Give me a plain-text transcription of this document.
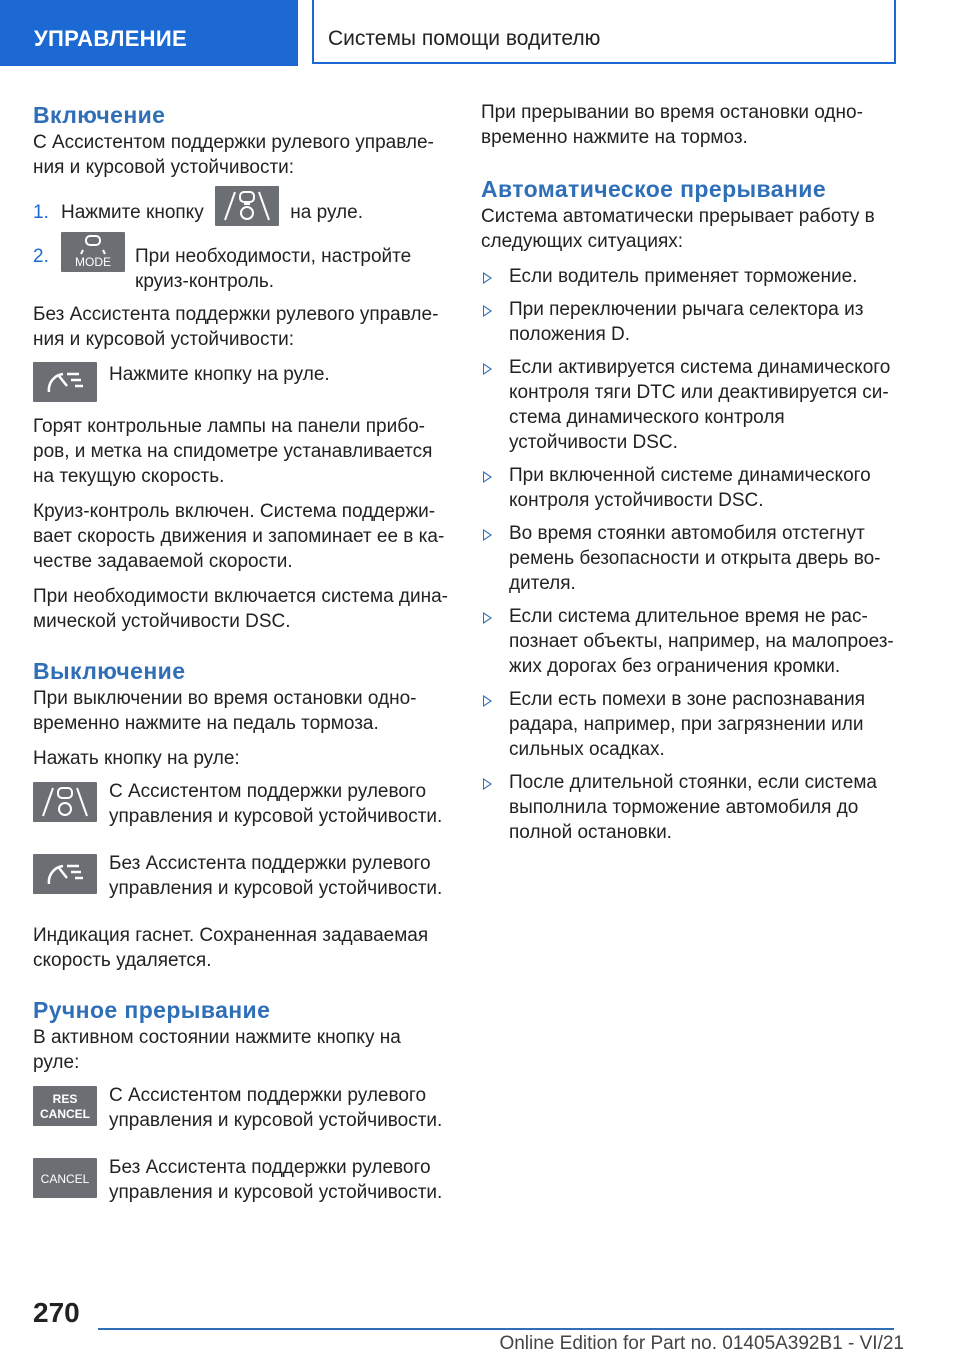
УПРАВЛЕНИЕ	Системы помощи водителю
Включение

С Ассистентом поддержки рулевого управле-ния и курсовой устойчивости:

1. Нажмите кнопку	на руле.
2. MODE При необходимости, настройте круиз-контроль.

Без Ассистента поддержки рулевого управле-ния и курсовой устойчивости:

Нажмите кнопку на руле.

Горят контрольные лампы на панели прибо-ров, и метка на спидометре устанавливается на текущую скорость.

Круиз-контроль включен. Система поддержи-вает скорость движения и запоминает ее в ка-честве задаваемой скорости.

При необходимости включается система дина-мической устойчивости DSC.

Выключение

При выключении во время остановки одно-временно нажмите на педаль тормоза.

Нажать кнопку на руле:

С Ассистентом поддержки рулевого управления и курсовой устойчивости.
Без Ассистента поддержки рулевого управления и курсовой устойчивости.

Индикация гаснет. Сохраненная задаваемая скорость удаляется.

Ручное прерывание

В активном состоянии нажмите кнопку на руле:

RES
CANCEL
С Ассистентом поддержки рулевого управления и курсовой устойчивости.
CANCEL
Без Ассистента поддержки рулевого управления и курсовой устойчивости.

При прерывании во время остановки одно-временно нажмите на тормоз.

Автоматическое прерывание

Система автоматически прерывает работу в следующих ситуациях:

Если водитель применяет торможение.
При переключении рычага селектора из положения D.
Если активируется система динамического контроля тяги DTC или деактивируется си-стема динамического контроля устойчивости DSC.
При включенной системе динамического контроля устойчивости DSC.
Во время стоянки автомобиля отстегнут ремень безопасности и открыта дверь во-дителя.
Если система длительное время не рас-познает объекты, например, на малопроез-жих дорогах без ограничения кромки.
Если есть помехи в зоне распознавания радара, например, при загрязнении или сильных осадках.
После длительной стоянки, если система выполнила торможение автомобиля до полной остановки.
270
Online Edition for Part no. 01405A392B1 - VI/21
